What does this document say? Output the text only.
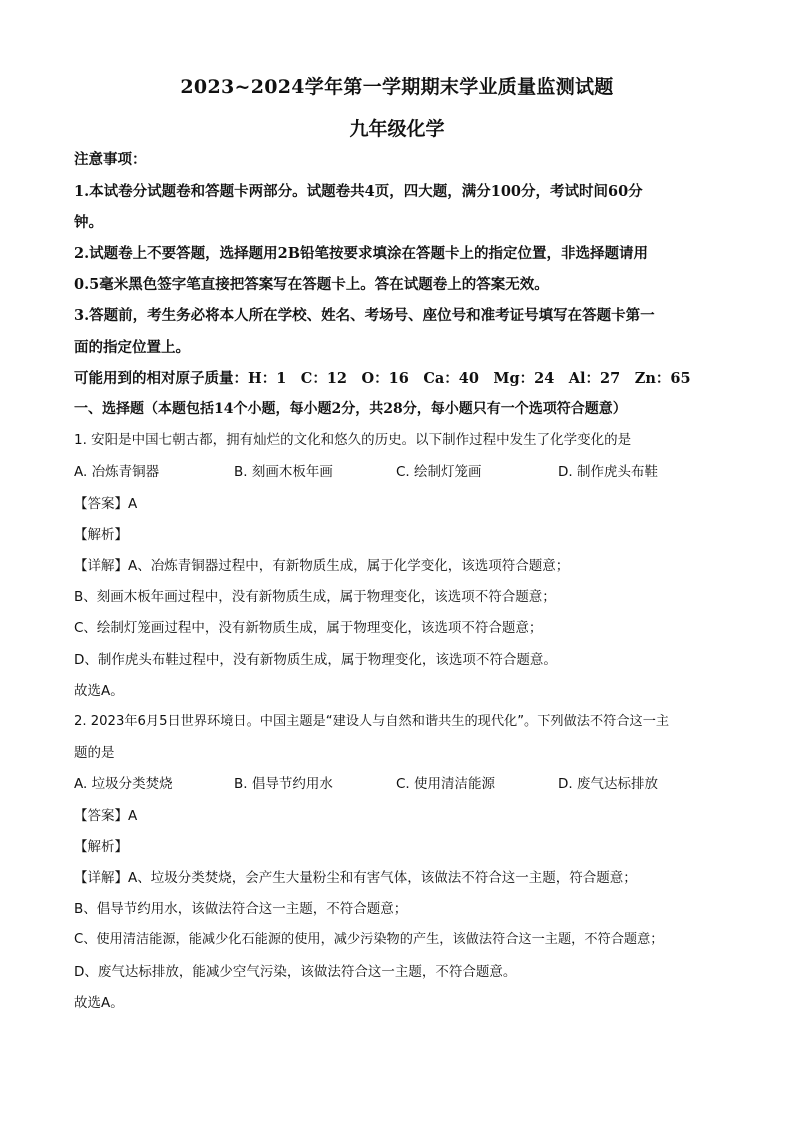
2023~2024学年第一学期期末学业质量监测试题
九年级化学
注意事项：
1.本试卷分试题卷和答题卡两部分。试题卷共4页，四大题，满分100分，考试时间60分
钟。
2.试题卷上不要答题，选择题用2B铅笔按要求填涂在答题卡上的指定位置，非选择题请用
0.5毫米黑色签字笔直接把答案写在答题卡上。答在试题卷上的答案无效。
3.答题前，考生务必将本人所在学校、姓名、考场号、座位号和准考证号填写在答题卡第一
面的指定位置上。
可能用到的相对原子质量：H：1　C：12　O：16　Ca：40　Mg：24　Al：27　Zn：65
一、选择题（本题包括14个小题，每小题2分，共28分，每小题只有一个选项符合题意）
1. 安阳是中国七朝古都，拥有灿烂的文化和悠久的历史。以下制作过程中发生了化学变化的是
A. 冶炼青铜器	B. 刻画木板年画	C. 绘制灯笼画	D. 制作虎头布鞋
【答案】A
【解析】
【详解】A、冶炼青铜器过程中，有新物质生成，属于化学变化，该选项符合题意；
B、刻画木板年画过程中，没有新物质生成，属于物理变化，该选项不符合题意；
C、绘制灯笼画过程中，没有新物质生成，属于物理变化，该选项不符合题意；
D、制作虎头布鞋过程中，没有新物质生成，属于物理变化，该选项不符合题意。
故选A。
2. 2023年6月5日世界环境日。中国主题是“建设人与自然和谐共生的现代化”。下列做法不符合这一主
题的是
A. 垃圾分类焚烧	B. 倡导节约用水	C. 使用清洁能源	D. 废气达标排放
【答案】A
【解析】
【详解】A、垃圾分类焚烧，会产生大量粉尘和有害气体，该做法不符合这一主题，符合题意；
B、倡导节约用水，该做法符合这一主题，不符合题意；
C、使用清洁能源，能减少化石能源的使用，减少污染物的产生，该做法符合这一主题，不符合题意；
D、废气达标排放，能减少空气污染，该做法符合这一主题，不符合题意。
故选A。
